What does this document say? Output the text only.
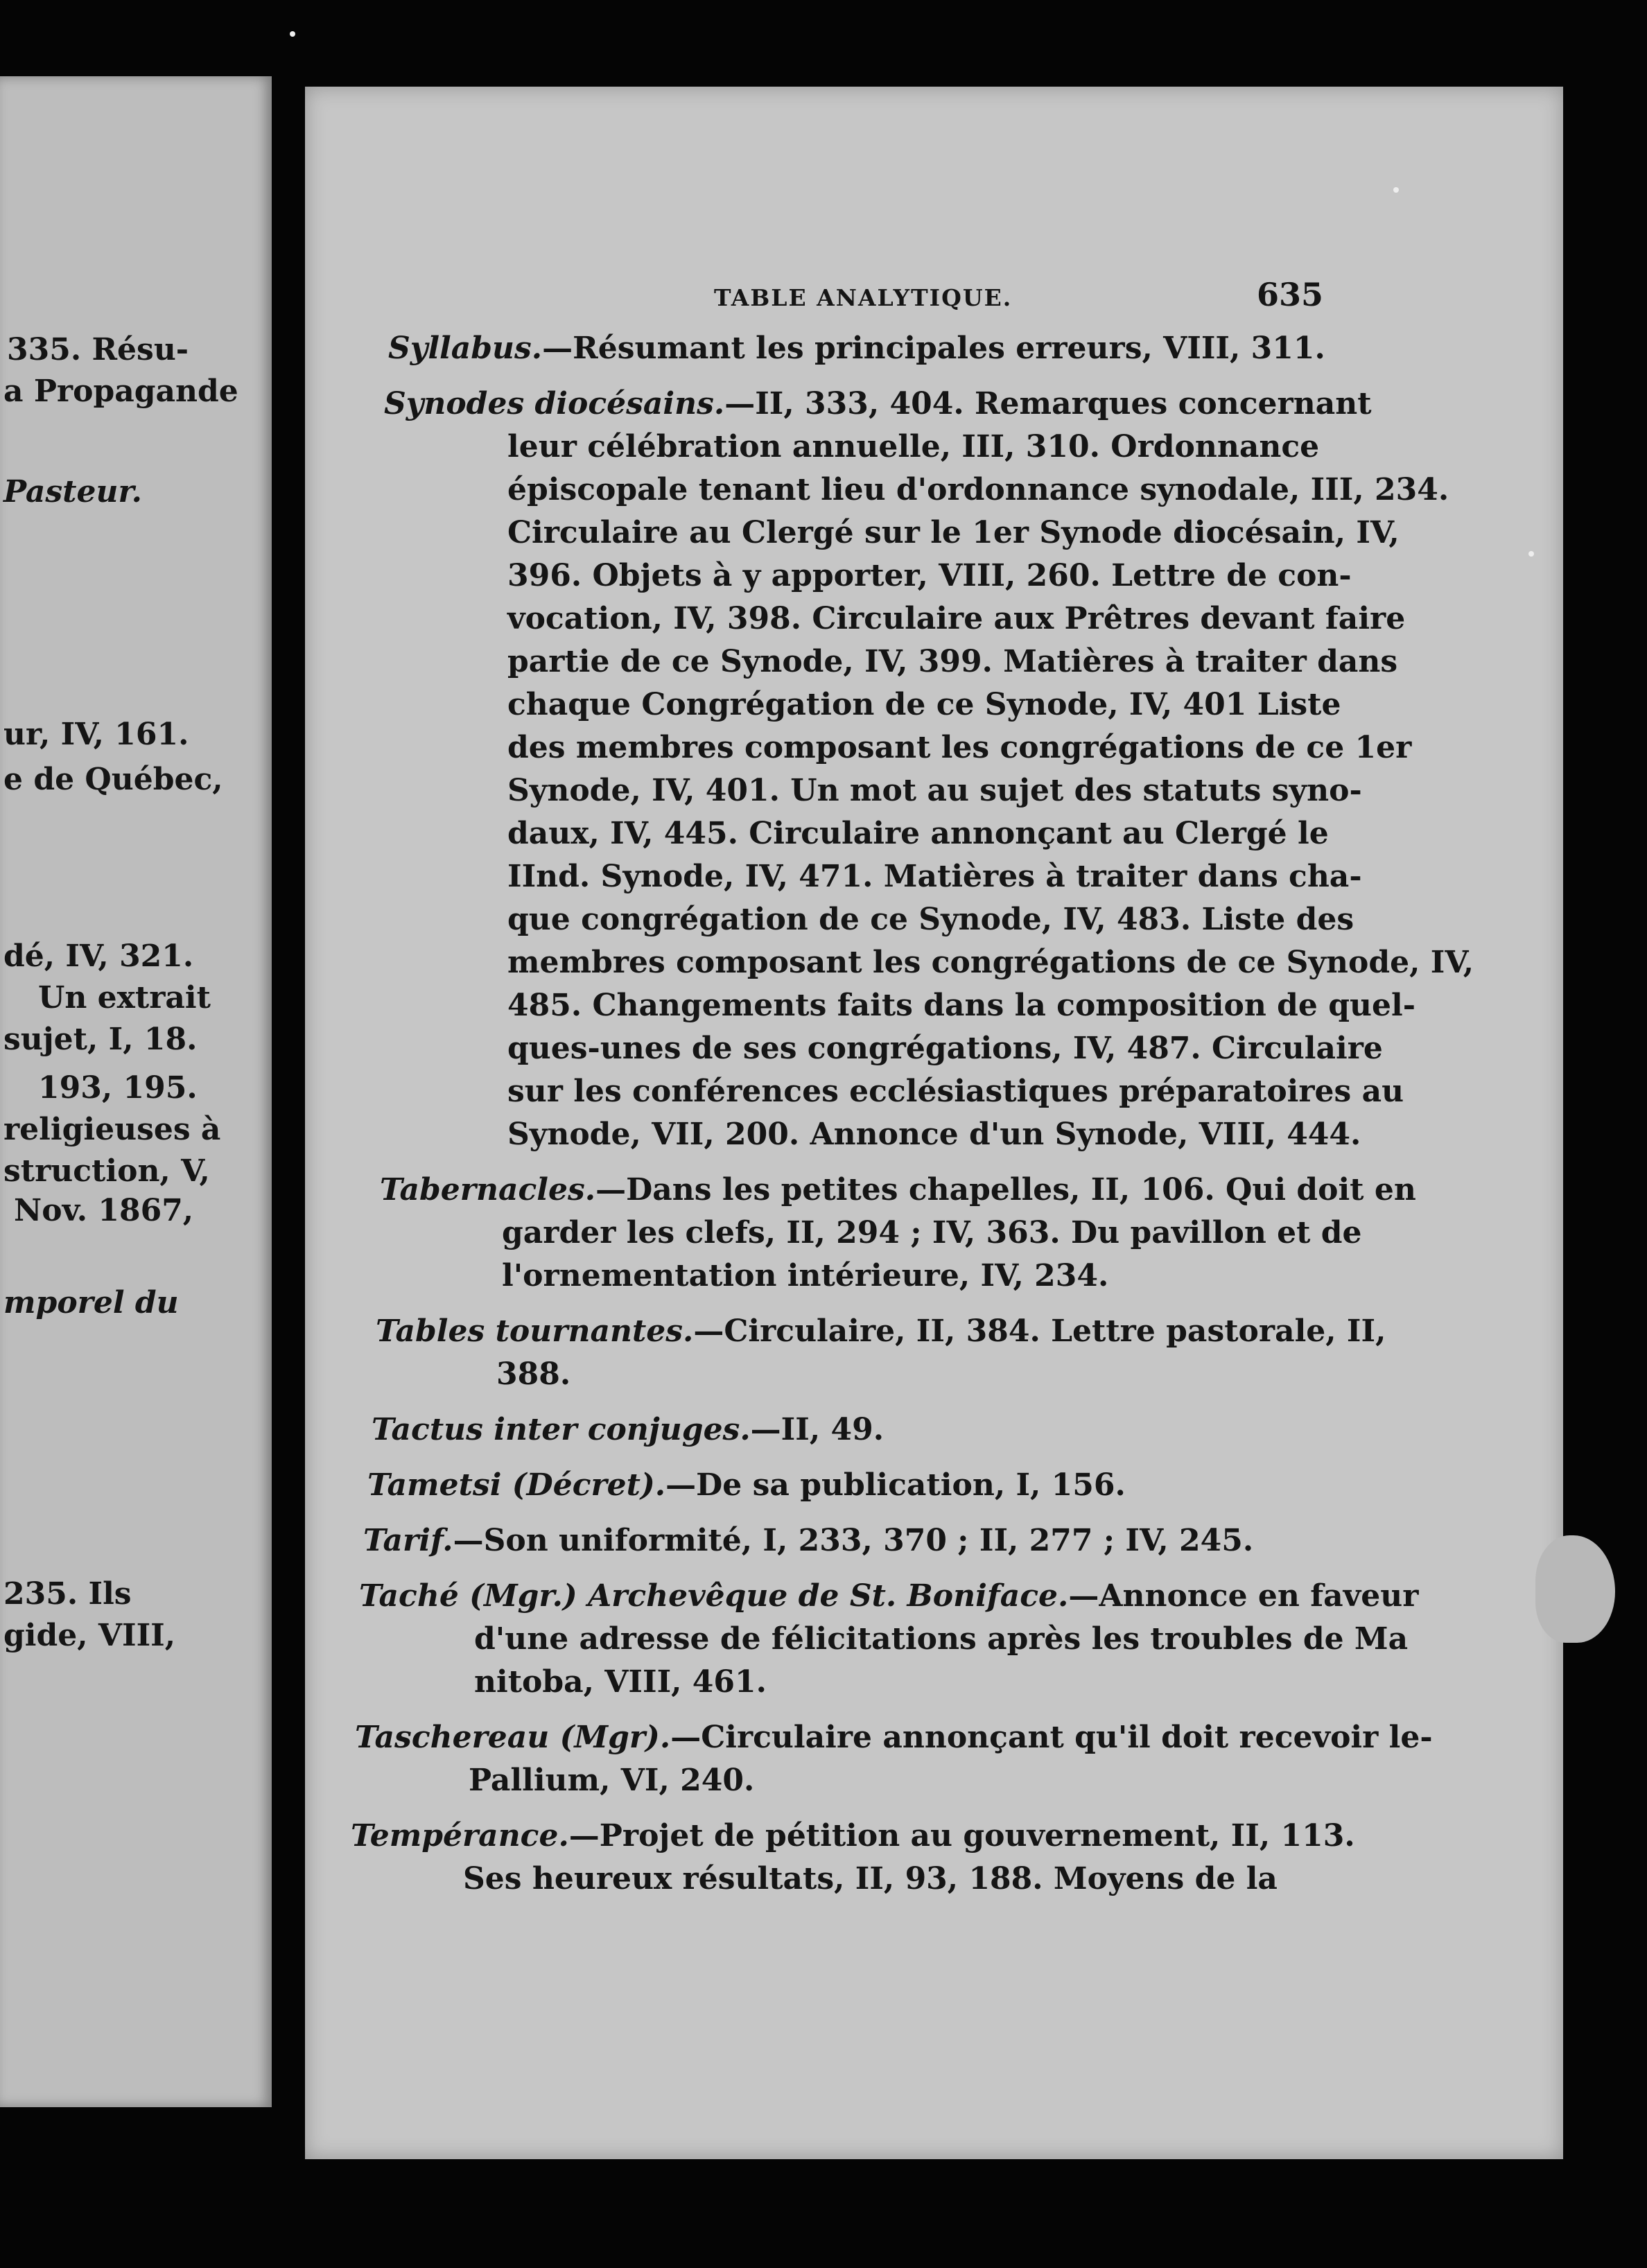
335. Résu-
a Propagande
Pasteur.
ur, IV, 161.
e de Québec,
dé, IV, 321.
Un extrait
sujet, I, 18.
193, 195.
religieuses à
struction, V,
Nov. 1867,
mporel du
235. Ils
gide, VIII,
TABLE ANALYTIQUE.	635
Syllabus.—Résumant les principales erreurs, VIII, 311.
Synodes diocésains.—II, 333, 404. Remarques concernant
leur célébration annuelle, III, 310. Ordonnance
épiscopale tenant lieu d'ordonnance synodale, III, 234.
Circulaire au Clergé sur le 1er Synode diocésain, IV,
396. Objets à y apporter, VIII, 260. Lettre de con-
vocation, IV, 398. Circulaire aux Prêtres devant faire
partie de ce Synode, IV, 399. Matières à traiter dans
chaque Congrégation de ce Synode, IV, 401 Liste
des membres composant les congrégations de ce 1er
Synode, IV, 401. Un mot au sujet des statuts syno-
daux, IV, 445. Circulaire annonçant au Clergé le
IInd. Synode, IV, 471. Matières à traiter dans cha-
que congrégation de ce Synode, IV, 483. Liste des
membres composant les congrégations de ce Synode, IV,
485. Changements faits dans la composition de quel-
ques-unes de ses congrégations, IV, 487. Circulaire
sur les conférences ecclésiastiques préparatoires au
Synode, VII, 200. Annonce d'un Synode, VIII, 444.
Tabernacles.—Dans les petites chapelles, II, 106. Qui doit en
garder les clefs, II, 294 ; IV, 363. Du pavillon et de
l'ornementation intérieure, IV, 234.
Tables tournantes.—Circulaire, II, 384. Lettre pastorale, II,
388.
Tactus inter conjuges.—II, 49.
Tametsi (Décret).—De sa publication, I, 156.
Tarif.—Son uniformité, I, 233, 370 ; II, 277 ; IV, 245.
Taché (Mgr.) Archevêque de St. Boniface.—Annonce en faveur
d'une adresse de félicitations après les troubles de Ma
nitoba, VIII, 461.
Taschereau (Mgr).—Circulaire annonçant qu'il doit recevoir le-
Pallium, VI, 240.
Tempérance.—Projet de pétition au gouvernement, II, 113.
Ses heureux résultats, II, 93, 188. Moyens de la
